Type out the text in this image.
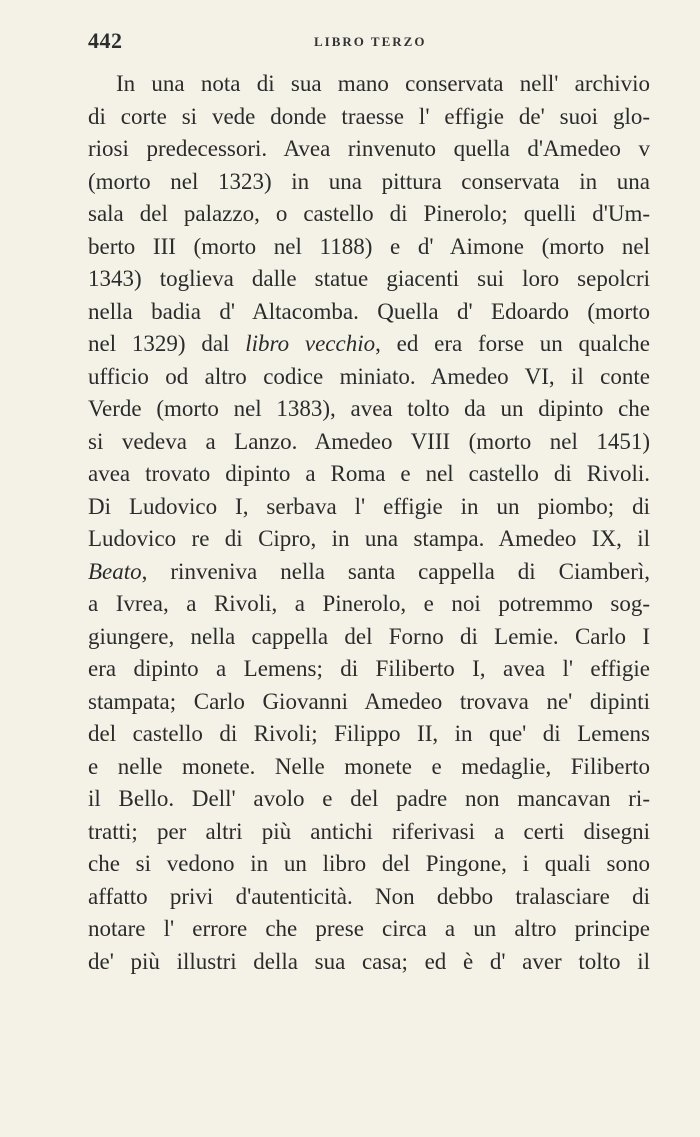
442	LIBRO TERZO
In una nota di sua mano conservata nell' archivio
di corte si vede donde traesse l' effigie de' suoi glo-
riosi predecessori. Avea rinvenuto quella d'Amedeo v
(morto nel 1323) in una pittura conservata in una
sala del palazzo, o castello di Pinerolo; quelli d'Um-
berto III (morto nel 1188) e d' Aimone (morto nel
1343) toglieva dalle statue giacenti sui loro sepolcri
nella badia d' Altacomba. Quella d' Edoardo (morto
nel 1329) dal libro vecchio, ed era forse un qualche
ufficio od altro codice miniato. Amedeo VI, il conte
Verde (morto nel 1383), avea tolto da un dipinto che
si vedeva a Lanzo. Amedeo VIII (morto nel 1451)
avea trovato dipinto a Roma e nel castello di Rivoli.
Di Ludovico I, serbava l' effigie in un piombo; di
Ludovico re di Cipro, in una stampa. Amedeo IX, il
Beato, rinveniva nella santa cappella di Ciamberì,
a Ivrea, a Rivoli, a Pinerolo, e noi potremmo sog-
giungere, nella cappella del Forno di Lemie. Carlo I
era dipinto a Lemens; di Filiberto I, avea l' effigie
stampata; Carlo Giovanni Amedeo trovava ne' dipinti
del castello di Rivoli; Filippo II, in que' di Lemens
e nelle monete. Nelle monete e medaglie, Filiberto
il Bello. Dell' avolo e del padre non mancavan ri-
tratti; per altri più antichi riferivasi a certi disegni
che si vedono in un libro del Pingone, i quali sono
affatto privi d'autenticità. Non debbo tralasciare di
notare l' errore che prese circa a un altro principe
de' più illustri della sua casa; ed è d' aver tolto il
